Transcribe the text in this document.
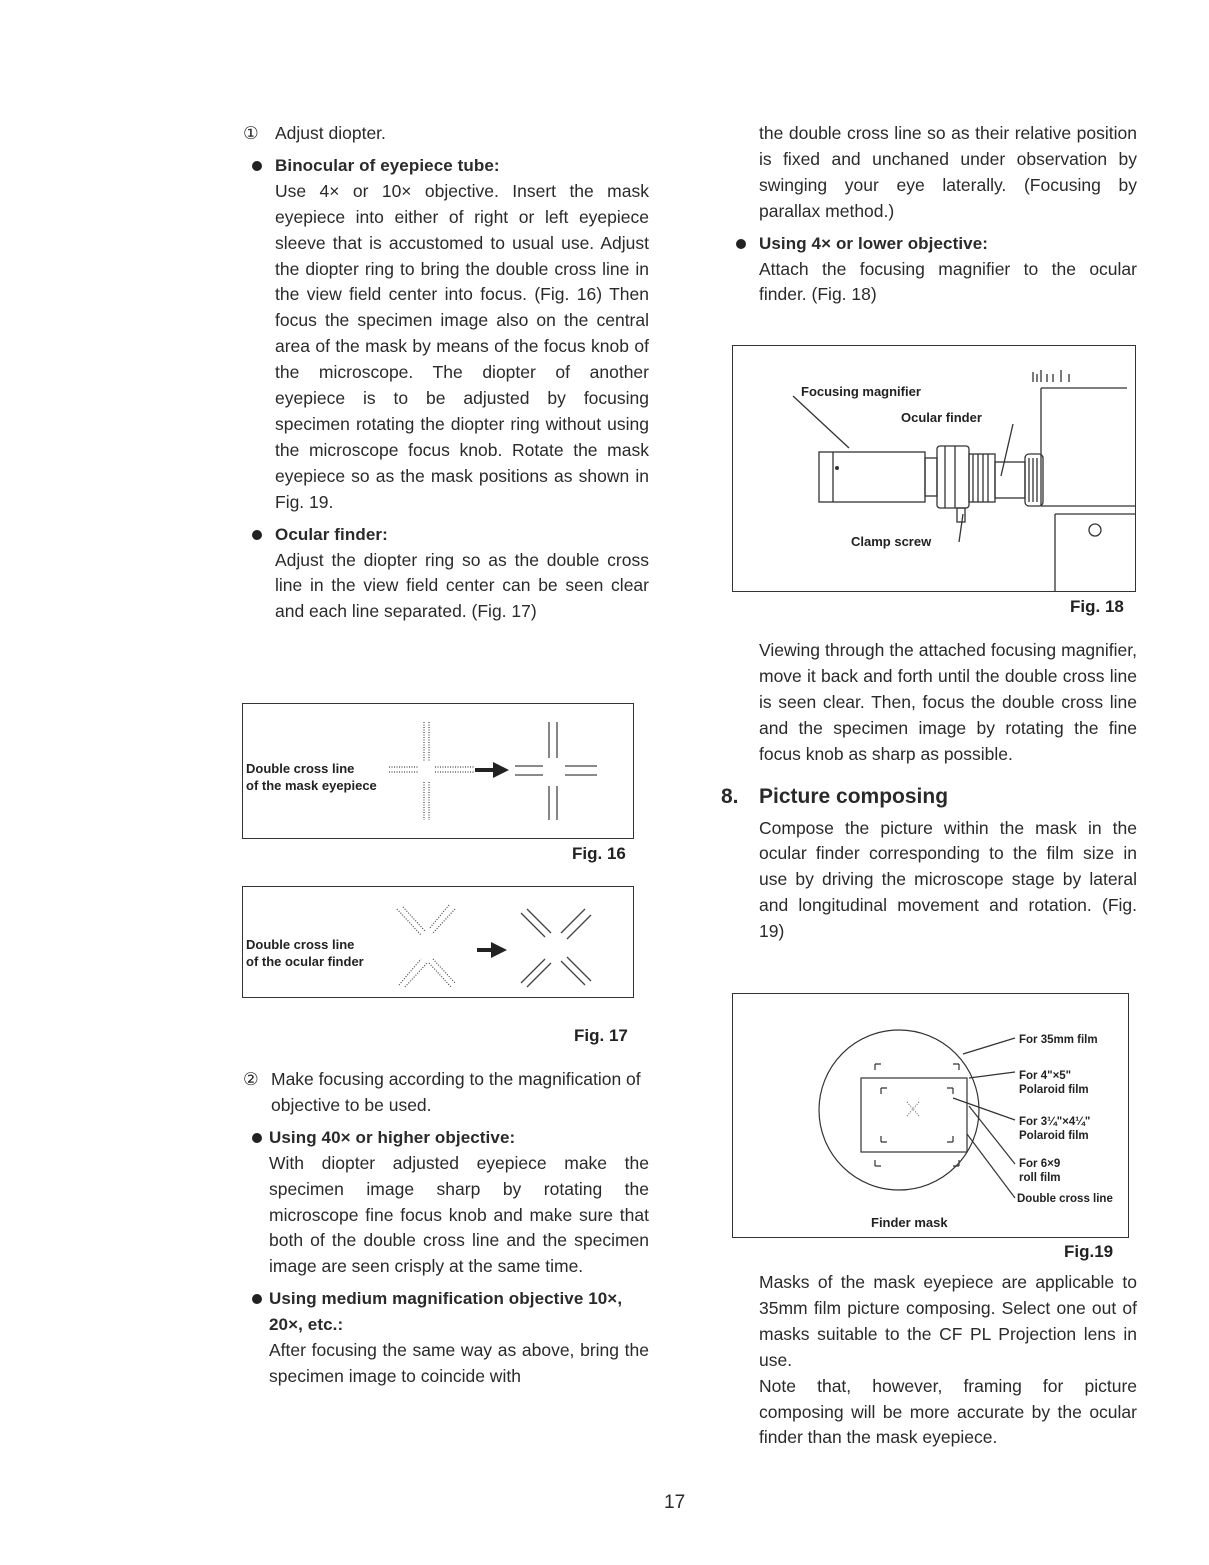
① Adjust diopter.

Binocular of eyepiece tube:

Use 4× or 10× objective. Insert the mask eyepiece into either of right or left eyepiece sleeve that is accustomed to usual use. Adjust the diopter ring to bring the double cross line in the view field center into focus. (Fig. 16) Then focus the specimen image also on the central area of the mask by means of the focus knob of the microscope. The diopter of another eyepiece is to be adjusted by focusing specimen rotating the diopter ring without using the microscope focus knob. Rotate the mask eyepiece so as the mask positions as shown in Fig. 19.

Ocular finder:

Adjust the diopter ring so as the double cross line in the view field center can be seen clear and each line separated. (Fig. 17)

Double cross line
of the mask eyepiece
Fig. 16
Double cross line
of the ocular finder
Fig. 17

② Make focusing according to the magnification of objective to be used.

Using 40× or higher objective:

With diopter adjusted eyepiece make the specimen image sharp by rotating the microscope fine focus knob and make sure that both of the double cross line and the specimen image are seen crisply at the same time.

Using medium magnification objective 10×, 20×, etc.:

After focusing the same way as above, bring the specimen image to coincide with

the double cross line so as their relative position is fixed and unchaned under observation by swinging your eye laterally. (Focusing by parallax method.)

Using 4× or lower objective:

Attach the focusing magnifier to the ocular finder. (Fig. 18)

Focusing magnifier
Ocular finder
Clamp screw
Fig. 18

Viewing through the attached focusing magnifier, move it back and forth until the double cross line is seen clear. Then, focus the double cross line and the specimen image by rotating the fine focus knob as sharp as possible.

8. Picture composing

Compose the picture within the mask in the ocular finder corresponding to the film size in use by driving the microscope stage by lateral and longitudinal movement and rotation. (Fig. 19)

For 35mm film
For 4"×5"
Polaroid film
For 3¼"×4¼"
Polaroid film
For 6×9
roll film
Double cross line
Finder mask
Fig.19

Masks of the mask eyepiece are applicable to 35mm film picture composing. Select one out of masks suitable to the CF PL Projection lens in use.

Note that, however, framing for picture composing will be more accurate by the ocular finder than the mask eyepiece.

17
